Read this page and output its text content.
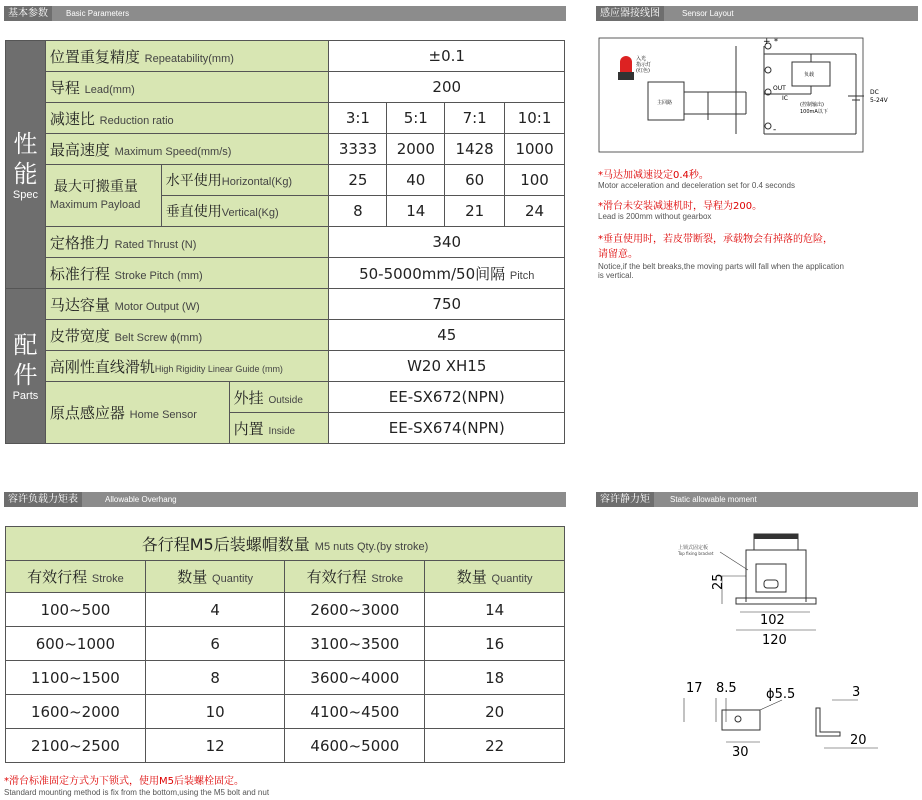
基本参数	Basic Parameters	感应器接线图	Sensor Layout
容许负载力矩表	Allowable Overhang	容许静力矩	Static allowable moment
性
能
Spec	位置重复精度 Repeatability(mm)			±0.1			
	导程 Lead(mm)			200			
	减速比 Reduction ratio			3:1	5:1	7:1	10:1
	最高速度 Maximum Speed(mm/s)			3333	2000	1428	1000

	最大可搬重量
Maximum Payload	水平使用Horizontal(Kg)		25	40	60	100
		垂直使用Vertical(Kg)		8	14	21	24
	定格推力 Rated Thrust (N)			340			
	标准行程 Stroke Pitch (mm)			50-5000mm/50间隔 Pitch			

配
件
Parts	马达容量 Motor Output (W)			750			
	皮带宽度 Belt Screw ϕ(mm)			45			
	高刚性直线滑轨High Rigidity Linear Guide (mm)			W20 XH15			
	原点感应器 Home Sensor		外挂 Outside	EE-SX672(NPN)			
			内置 Inside	EE-SX674(NPN)			
入光
指示灯
(红色)
主回路
负载
OUT
IC
(控制输出)
100mA以下
DC
5-24V
+ *
-
*马达加减速设定0.4秒。
Motor acceleration and deceleration set for 0.4 seconds
*滑台未安装减速机时，导程为200。
Lead is 200mm without gearbox
*垂直使用时，若皮带断裂，承载物会有掉落的危险，
请留意。
Notice,if the belt breaks,the moving parts will fall when the application
is vertical.
各行程M5后装螺帽数量 M5 nuts Qty.(by stroke)			
有效行程 Stroke	数量 Quantity	有效行程 Stroke	数量 Quantity
100~500	4	2600~3000	14
600~1000	6	3100~3500	16
1100~1500	8	3600~4000	18
1600~2000	10	4100~4500	20
2100~2500	12	4600~5000	22
*滑台标准固定方式为下锁式，使用M5后装螺栓固定。
Standard mounting method is fix from the bottom,using the M5 bolt and nut
上锁式固定板
Top fixing bracket
25
102
120
17 8.5 ϕ5.5
30
3
20
